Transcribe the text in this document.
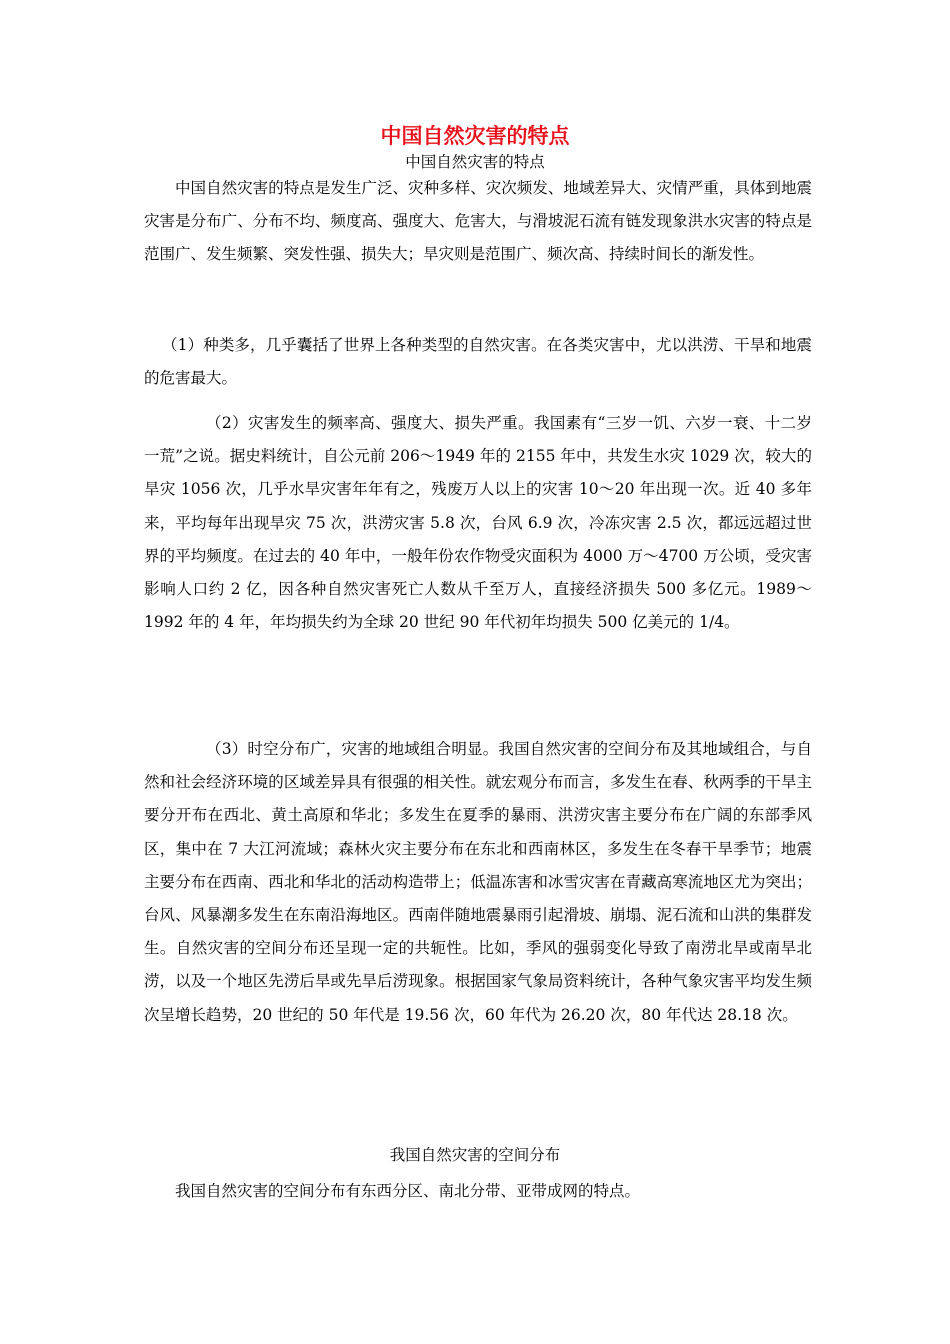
中国自然灾害的特点
中国自然灾害的特点

中国自然灾害的特点是发生广泛、灾种多样、灾次频发、地域差异大、灾情严重，具体到地震灾害是分布广、分布不均、频度高、强度大、危害大，与滑坡泥石流有链发现象洪水灾害的特点是范围广、发生频繁、突发性强、损失大；旱灾则是范围广、频次高、持续时间长的渐发性。

（1）种类多，几乎囊括了世界上各种类型的自然灾害。在各类灾害中，尤以洪涝、干旱和地震的危害最大。

（2）灾害发生的频率高、强度大、损失严重。我国素有“三岁一饥、六岁一衰、十二岁一荒”之说。据史料统计，自公元前 206～1949 年的 2155 年中，共发生水灾 1029 次，较大的旱灾 1056 次，几乎水旱灾害年年有之，残废万人以上的灾害 10～20 年出现一次。近 40 多年来，平均每年出现旱灾 75 次，洪涝灾害 5.8 次，台风 6.9 次，冷冻灾害 2.5 次，都远远超过世界的平均频度。在过去的 40 年中，一般年份农作物受灾面积为 4000 万～4700 万公顷，受灾害影响人口约 2 亿，因各种自然灾害死亡人数从千至万人，直接经济损失 500 多亿元。1989～1992 年的 4 年，年均损失约为全球 20 世纪 90 年代初年均损失 500 亿美元的 1/4。

（3）时空分布广，灾害的地域组合明显。我国自然灾害的空间分布及其地域组合，与自然和社会经济环境的区域差异具有很强的相关性。就宏观分布而言，多发生在春、秋两季的干旱主要分开布在西北、黄土高原和华北；多发生在夏季的暴雨、洪涝灾害主要分布在广阔的东部季风区，集中在 7 大江河流域；森林火灾主要分布在东北和西南林区，多发生在冬春干旱季节；地震主要分布在西南、西北和华北的活动构造带上；低温冻害和冰雪灾害在青藏高寒流地区尤为突出；台风、风暴潮多发生在东南沿海地区。西南伴随地震暴雨引起滑坡、崩塌、泥石流和山洪的集群发生。自然灾害的空间分布还呈现一定的共轭性。比如，季风的强弱变化导致了南涝北旱或南旱北涝，以及一个地区先涝后旱或先旱后涝现象。根据国家气象局资料统计，各种气象灾害平均发生频次呈增长趋势，20 世纪的 50 年代是 19.56 次，60 年代为 26.20 次，80 年代达 28.18 次。

我国自然灾害的空间分布

我国自然灾害的空间分布有东西分区、南北分带、亚带成网的特点。
